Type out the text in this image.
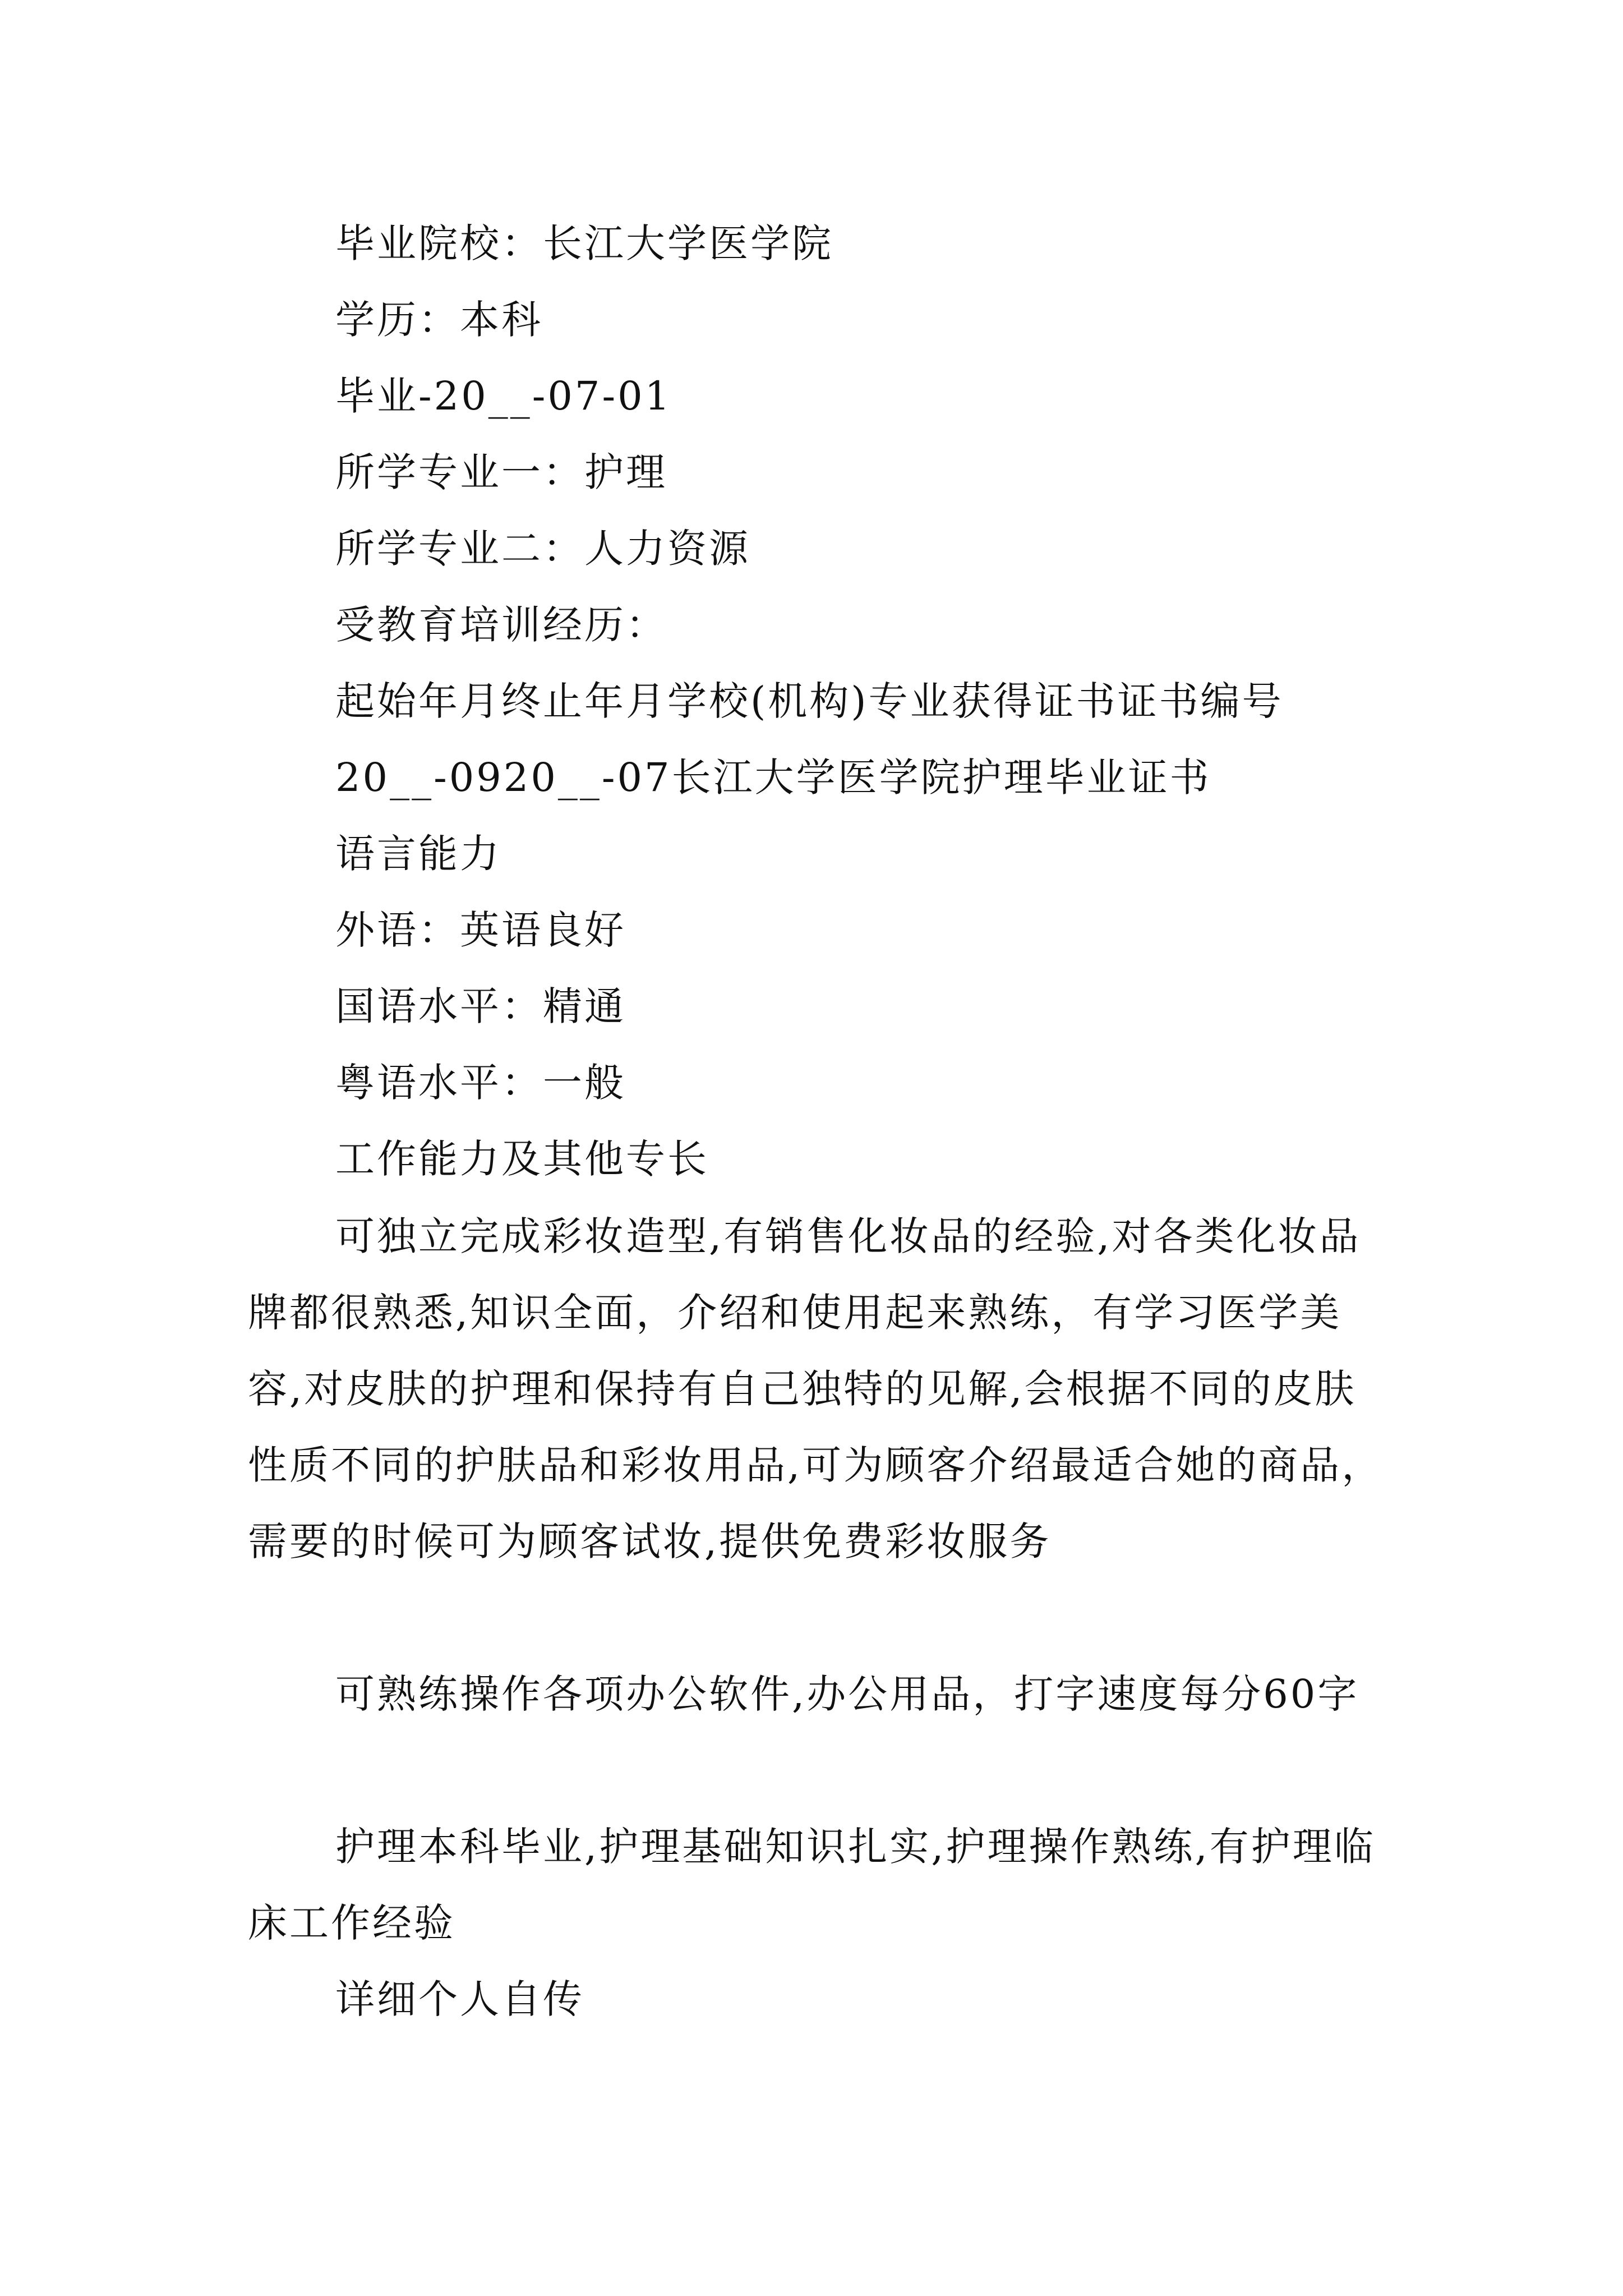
毕业院校：长江大学医学院
学历：本科
毕业-20__-07-01
所学专业一：护理
所学专业二：人力资源
受教育培训经历：
起始年月终止年月学校(机构)专业获得证书证书编号
20__-0920__-07长江大学医学院护理毕业证书
语言能力
外语：英语良好
国语水平：精通
粤语水平：一般
工作能力及其他专长
可独立完成彩妆造型,有销售化妆品的经验,对各类化妆品牌都很熟悉,知识全面，介绍和使用起来熟练，有学习医学美容,对皮肤的护理和保持有自己独特的见解,会根据不同的皮肤性质不同的护肤品和彩妆用品,可为顾客介绍最适合她的商品，需要的时候可为顾客试妆,提供免费彩妆服务
可熟练操作各项办公软件,办公用品，打字速度每分60字
护理本科毕业,护理基础知识扎实,护理操作熟练,有护理临床工作经验
详细个人自传
